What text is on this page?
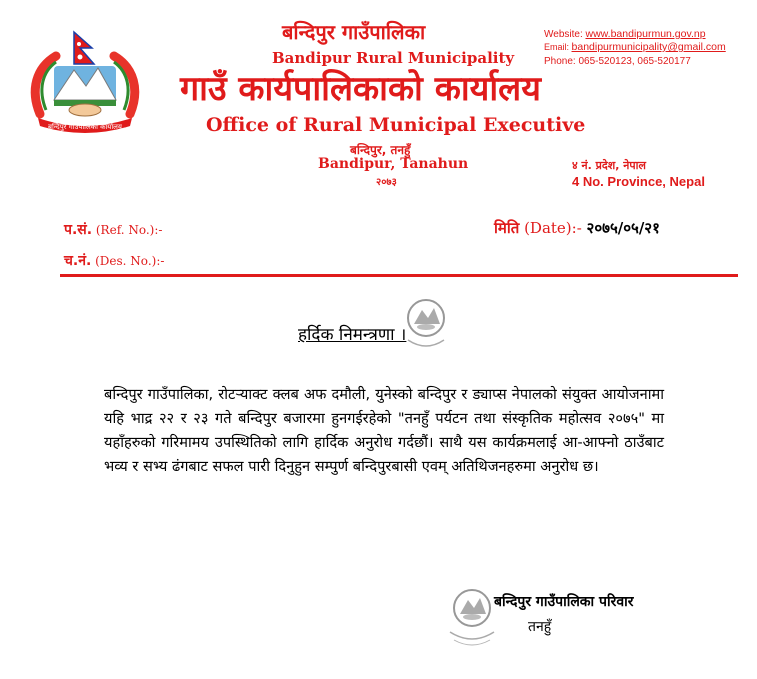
बन्दिपुर गाउँपालिका कार्यालय
बन्दिपुर गाउँपालिका
Bandipur Rural Municipality
गाउँ कार्यपालिकाको कार्यालय
Office of Rural Municipal Executive
बन्दिपुर, तनहुँ
Bandipur, Tanahun
२०७३
Website: www.bandipurmun.gov.np
Email: bandipurmunicipality@gmail.com
Phone: 065-520123, 065-520177
४ नं. प्रदेश, नेपाल
4 No. Province, Nepal
प.सं. (Ref. No.):-
च.नं. (Des. No.):-
मिति (Date):- २०७५/०५/२१
हर्दिक निमन्त्रणा ।
बन्दिपुर गाउँपालिका, रोटऱ्याक्ट क्लब अफ दमौली, युनेस्को बन्दिपुर र ड्याप्स नेपालको संयुक्त आयोजनामा यहि भाद्र २२ र २३ गते बन्दिपुर बजारमा हुनगईरहेको "तनहुँ पर्यटन तथा संस्कृतिक महोत्सव २०७५" मा यहाँहरुको गरिमामय उपस्थितिको लागि हार्दिक अनुरोध गर्दछौं। साथै यस कार्यक्रमलाई आ-आफ्नो ठाउँबाट भव्य र सभ्य ढंगबाट सफल पारी दिनुहुन सम्पुर्ण बन्दिपुरबासी एवम् अतिथिजनहरुमा अनुरोध छ।
बन्दिपुर गाउँपालिका परिवार
तनहुँ
